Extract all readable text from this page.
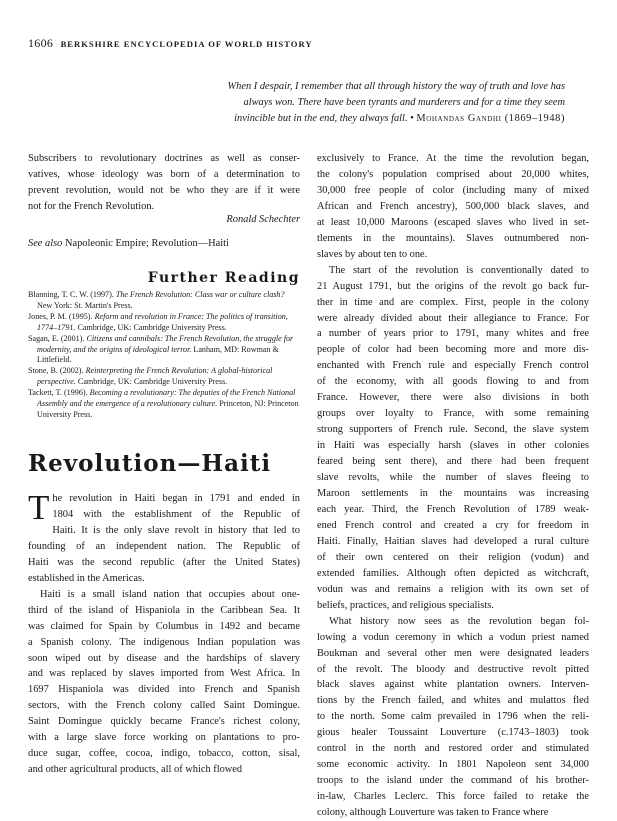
1606 BERKSHIRE ENCYCLOPEDIA OF WORLD HISTORY
When I despair, I remember that all through history the way of truth and love has
always won. There have been tyrants and murderers and for a time they seem
invincible but in the end, they always fall. • Mohandas Gandhi (1869–1948)

Subscribers to revolutionary doctrines as well as conser-
vatives, whose ideology was born of a determination to
prevent revolution, would not be who they are if it were
not for the French Revolution.

Ronald Schechter
See also Napoleonic Empire; Revolution—Haiti
Further Reading
Blanning, T. C. W. (1997). The French Revolution: Class war or culture clash? New York: St. Martin's Press.
Jones, P. M. (1995). Reform and revolution in France: The politics of transition, 1774–1791. Cambridge, UK: Cambridge University Press.
Sagan, E. (2001). Citizens and cannibals: The French Revolution, the struggle for modernity, and the origins of ideological terror. Lanham, MD: Rowman & Littlefield.
Stone, B. (2002). Reinterpreting the French Revolution: A global-historical perspective. Cambridge, UK: Cambridge University Press.
Tackett, T. (1996). Becoming a revolutionary: The deputies of the French National Assembly and the emergence of a revolutionary culture. Princeton, NJ: Princeton University Press.
Revolution—Haiti
T he revolution in Haiti began in 1791 and ended in
1804 with the establishment of the Republic of
Haiti. It is the only slave revolt in history that led to
founding of an independent nation. The Republic of
Haiti was the second republic (after the United States)
established in the Americas.
Haiti is a small island nation that occupies about one-
third of the island of Hispaniola in the Caribbean Sea. It
was claimed for Spain by Columbus in 1492 and became
a Spanish colony. The indigenous Indian population was
soon wiped out by disease and the hardships of slavery
and was replaced by slaves imported from West Africa. In
1697 Hispaniola was divided into French and Spanish
sectors, with the French colony called Saint Domingue.
Saint Domingue quickly became France's richest colony,
with a large slave force working on plantations to pro-
duce sugar, coffee, cocoa, indigo, tobacco, cotton, sisal,
and other agricultural products, all of which flowed
exclusively to France. At the time the revolution began,
the colony's population comprised about 20,000 whites,
30,000 free people of color (including many of mixed
African and French ancestry), 500,000 black slaves, and
at least 10,000 Maroons (escaped slaves who lived in set-
tlements in the mountains). Slaves outnumbered non-
slaves by about ten to one.
The start of the revolution is conventionally dated to
21 August 1791, but the origins of the revolt go back fur-
ther in time and are complex. First, people in the colony
were already divided about their allegiance to France. For
a number of years prior to 1791, many whites and free
people of color had been becoming more and more dis-
enchanted with French rule and especially French control
of the economy, with all goods flowing to and from
France. However, there were also divisions in both
groups over loyalty to France, with some remaining
strong supporters of French rule. Second, the slave system
in Haiti was especially harsh (slaves in other colonies
feared being sent there), and there had been frequent
slave revolts, while the number of slaves fleeing to
Maroon settlements in the mountains was increasing
each year. Third, the French Revolution of 1789 weak-
ened French control and created a cry for freedom in
Haiti. Finally, Haitian slaves had developed a rural culture
of their own centered on their religion (vodun) and
extended families. Although often depicted as witchcraft,
vodun was and remains a religion with its own set of
beliefs, practices, and religious specialists.
What history now sees as the revolution began fol-
lowing a vodun ceremony in which a vodun priest named
Boukman and several other men were designated leaders
of the revolt. The bloody and destructive revolt pitted
black slaves against white plantation owners. Interven-
tions by the French failed, and whites and mulattos fled
to the north. Some calm prevailed in 1796 when the reli-
gious healer Toussaint Louverture (c.1743–1803) took
control in the north and restored order and stimulated
some economic activity. In 1801 Napoleon sent 34,000
troops to the island under the command of his brother-
in-law, Charles Leclerc. This force failed to retake the
colony, although Louverture was taken to France where
